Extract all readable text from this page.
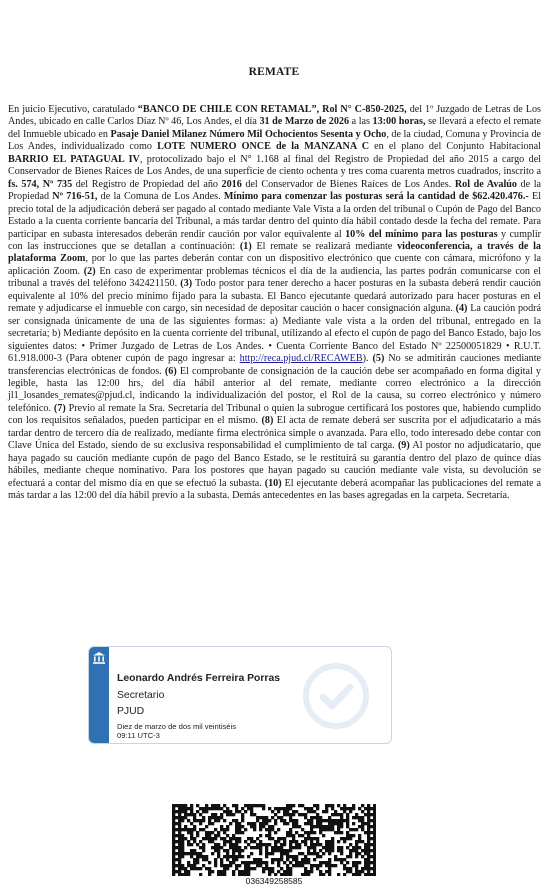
REMATE
En juicio Ejecutivo, caratulado “BANCO DE CHILE CON RETAMAL”, Rol N° C-850-2025, del 1º Juzgado de Letras de Los Andes, ubicado en calle Carlos Díaz Nº 46, Los Andes, el día 31 de Marzo de 2026 a las 13:00 horas, se llevará a efecto el remate del Inmueble ubicado en Pasaje Daniel Milanez Número Mil Ochocientos Sesenta y Ocho, de la ciudad, Comuna y Provincia de Los Andes, individualizado como LOTE NUMERO ONCE de la MANZANA C en el plano del Conjunto Habitacional BARRIO EL PATAGUAL IV, protocolizado bajo el N° 1.168 al final del Registro de Propiedad del año 2015 a cargo del Conservador de Bienes Raíces de Los Andes, de una superficie de ciento ochenta y tres coma cuarenta metros cuadrados, inscrito a fs. 574, Nº 735 del Registro de Propiedad del año 2016 del Conservador de Bienes Raíces de Los Andes. Rol de Avalúo de la Propiedad Nº 716-51, de la Comuna de Los Andes. Mínimo para comenzar las posturas será la cantidad de $62.420.476.- El precio total de la adjudicación deberá ser pagado al contado mediante Vale Vista a la orden del tribunal o Cupón de Pago del Banco Estado a la cuenta corriente bancaria del Tribunal, a más tardar dentro del quinto día hábil contado desde la fecha del remate. Para participar en subasta interesados deberán rendir caución por valor equivalente al 10% del mínimo para las posturas y cumplir con las instrucciones que se detallan a continuación: (1) El remate se realizará mediante videoconferencia, a través de la plataforma Zoom, por lo que las partes deberán contar con un dispositivo electrónico que cuente con cámara, micrófono y la aplicación Zoom. (2) En caso de experimentar problemas técnicos el día de la audiencia, las partes podrán comunicarse con el tribunal a través del teléfono 342421150. (3) Todo postor para tener derecho a hacer posturas en la subasta deberá rendir caución equivalente al 10% del precio mínimo fijado para la subasta. El Banco ejecutante quedará autorizado para hacer posturas en el remate y adjudicarse el inmueble con cargo, sin necesidad de depositar caución o hacer consignación alguna. (4) La caución podrá ser consignada únicamente de una de las siguientes formas: a) Mediante vale vista a la orden del tribunal, entregado en la secretaría; b) Mediante depósito en la cuenta corriente del tribunal, utilizando al efecto el cupón de pago del Banco Estado, bajo los siguientes datos: • Primer Juzgado de Letras de Los Andes. • Cuenta Corriente Banco del Estado Nº 22500051829 • R.U.T. 61.918.000-3 (Para obtener cupón de pago ingresar a: http://reca.pjud.cl/RECAWEB). (5) No se admitirán cauciones mediante transferencias electrónicas de fondos. (6) El comprobante de consignación de la caución debe ser acompañado en forma digital y legible, hasta las 12:00 hrs, del día hábil anterior al del remate, mediante correo electrónico a la dirección jl1_losandes_remates@pjud.cl, indicando la individualización del postor, el Rol de la causa, su correo electrónico y número telefónico. (7) Previo al remate la Sra. Secretaria del Tribunal o quien la subrogue certificará los postores que, habiendo cumplido con los requisitos señalados, pueden participar en el mismo. (8) El acta de remate deberá ser suscrita por el adjudicatario a más tardar dentro de tercero día de realizado, mediante firma electrónica simple o avanzada. Para ello, todo interesado debe contar con Clave Única del Estado, siendo de su exclusiva responsabilidad el cumplimiento de tal carga. (9) Al postor no adjudicatario, que haya pagado su caución mediante cupón de pago del Banco Estado, se le restituirá su garantía dentro del plazo de quince días hábiles, mediante cheque nominativo. Para los postores que hayan pagado su caución mediante vale vista, su devolución se efectuará a contar del mismo día en que se efectuó la subasta. (10) El ejecutante deberá acompañar las publicaciones del remate a más tardar a las 12:00 del día hábil previo a la subasta. Demás antecedentes en las bases agregadas en la carpeta. Secretaría.
Leonardo Andrés Ferreira Porras
Secretario
PJUD
Diez de marzo de dos mil veintiséis
09:11 UTC-3
036349258585
